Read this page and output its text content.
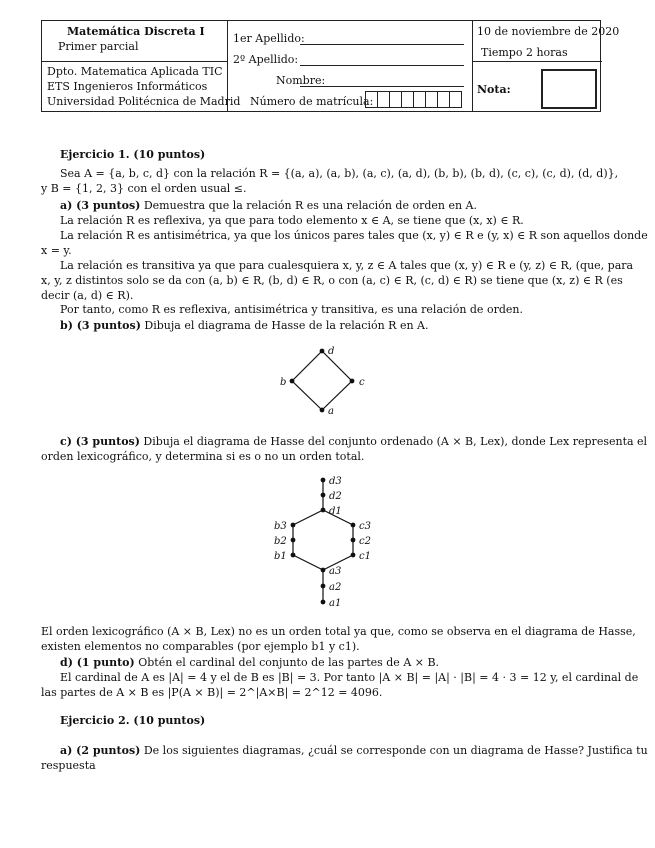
Matemática Discreta I
Primer parcial
Dpto. Matematica Aplicada TIC
ETS Ingenieros Informáticos
Universidad Politécnica de Madrid
1er Apellido:
2º Apellido:
Nombre:
Número de matrícula:
10 de noviembre de 2020
Tiempo 2 horas
Nota:
Ejercicio 1. (10 puntos)
Sea A = {a, b, c, d} con la relación R = {(a, a), (a, b), (a, c), (a, d), (b, b), (b, d), (c, c), (c, d), (d, d)},
y B = {1, 2, 3} con el orden usual ≤.
a) (3 puntos) Demuestra que la relación R es una relación de orden en A.
La relación R es reflexiva, ya que para todo elemento x ∈ A, se tiene que (x, x) ∈ R.
La relación R es antisimétrica, ya que los únicos pares tales que (x, y) ∈ R e (y, x) ∈ R son aquellos donde
x = y.
La relación es transitiva ya que para cualesquiera x, y, z ∈ A tales que (x, y) ∈ R e (y, z) ∈ R, (que, para
x, y, z distintos solo se da con (a, b) ∈ R, (b, d) ∈ R, o con (a, c) ∈ R, (c, d) ∈ R) se tiene que (x, z) ∈ R (es
decir (a, d) ∈ R).
Por tanto, como R es reflexiva, antisimétrica y transitiva, es una relación de orden.
b) (3 puntos) Dibuja el diagrama de Hasse de la relación R en A.
a
b	c
d
c) (3 puntos) Dibuja el diagrama de Hasse del conjunto ordenado (A × B, Lex), donde Lex representa el
orden lexicográfico, y determina si es o no un orden total.
a1
a2
a3
b1
b2
b3
c1
c2
c3
d1
d2
d3
El orden lexicográfico (A × B, Lex) no es un orden total ya que, como se observa en el diagrama de Hasse,
existen elementos no comparables (por ejemplo b1 y c1).
d) (1 punto) Obtén el cardinal del conjunto de las partes de A × B.
El cardinal de A es |A| = 4 y el de B es |B| = 3. Por tanto |A × B| = |A| · |B| = 4 · 3 = 12 y, el cardinal de
las partes de A × B es |P(A × B)| = 2^|A×B| = 2^12 = 4096.
Ejercicio 2. (10 puntos)
a) (2 puntos) De los siguientes diagramas, ¿cuál se corresponde con un diagrama de Hasse? Justifica tu
respuesta
